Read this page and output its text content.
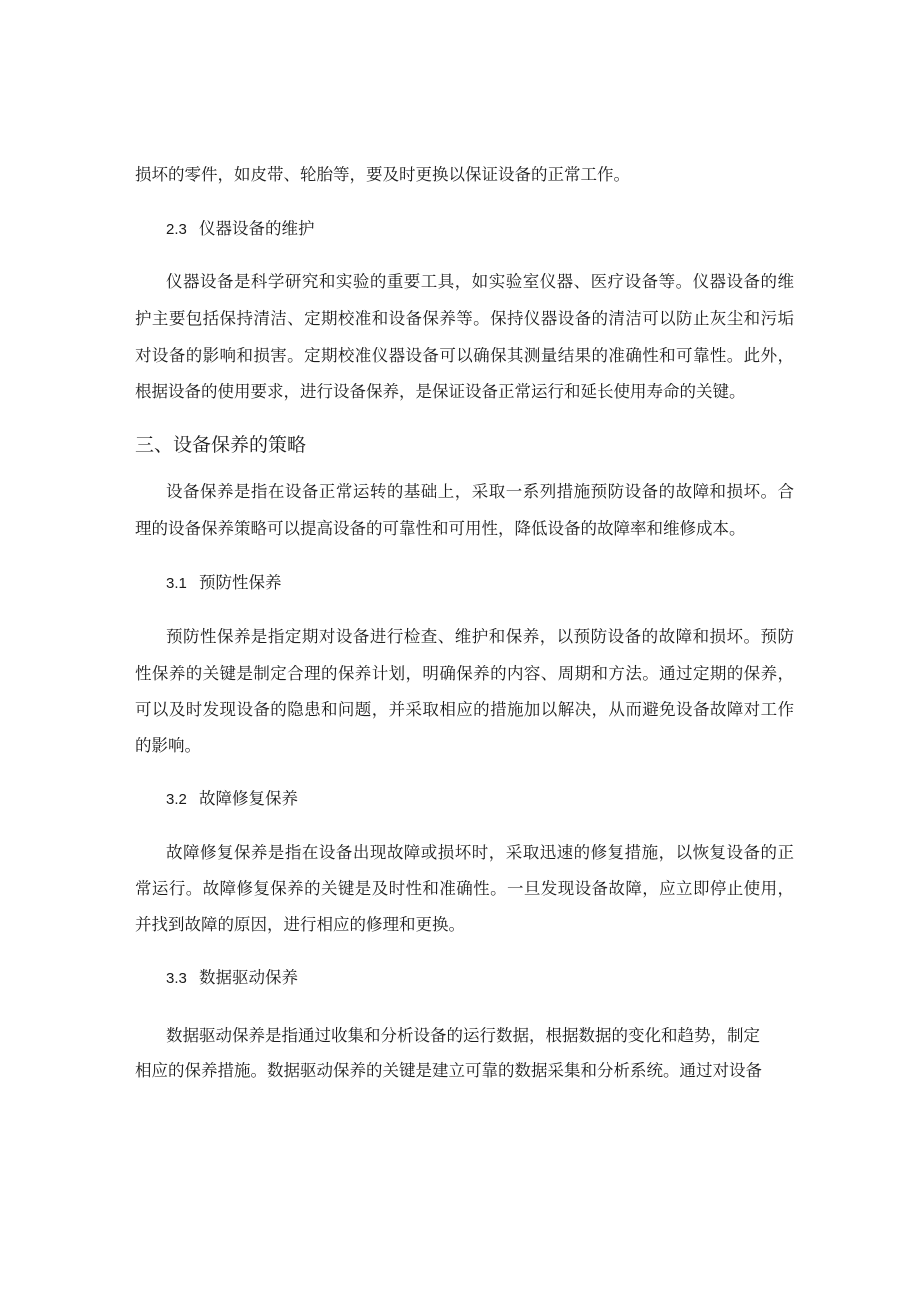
损坏的零件，如皮带、轮胎等，要及时更换以保证设备的正常工作。
2.3 仪器设备的维护
仪器设备是科学研究和实验的重要工具，如实验室仪器、医疗设备等。仪器设备的维
护主要包括保持清洁、定期校准和设备保养等。保持仪器设备的清洁可以防止灰尘和污垢
对设备的影响和损害。定期校准仪器设备可以确保其测量结果的准确性和可靠性。此外，
根据设备的使用要求，进行设备保养，是保证设备正常运行和延长使用寿命的关键。
三、设备保养的策略
设备保养是指在设备正常运转的基础上，采取一系列措施预防设备的故障和损坏。合
理的设备保养策略可以提高设备的可靠性和可用性，降低设备的故障率和维修成本。
3.1 预防性保养
预防性保养是指定期对设备进行检查、维护和保养，以预防设备的故障和损坏。预防
性保养的关键是制定合理的保养计划，明确保养的内容、周期和方法。通过定期的保养，
可以及时发现设备的隐患和问题，并采取相应的措施加以解决，从而避免设备故障对工作
的影响。
3.2 故障修复保养
故障修复保养是指在设备出现故障或损坏时，采取迅速的修复措施，以恢复设备的正
常运行。故障修复保养的关键是及时性和准确性。一旦发现设备故障，应立即停止使用，
并找到故障的原因，进行相应的修理和更换。
3.3 数据驱动保养
数据驱动保养是指通过收集和分析设备的运行数据，根据数据的变化和趋势，制定
相应的保养措施。数据驱动保养的关键是建立可靠的数据采集和分析系统。通过对设备
